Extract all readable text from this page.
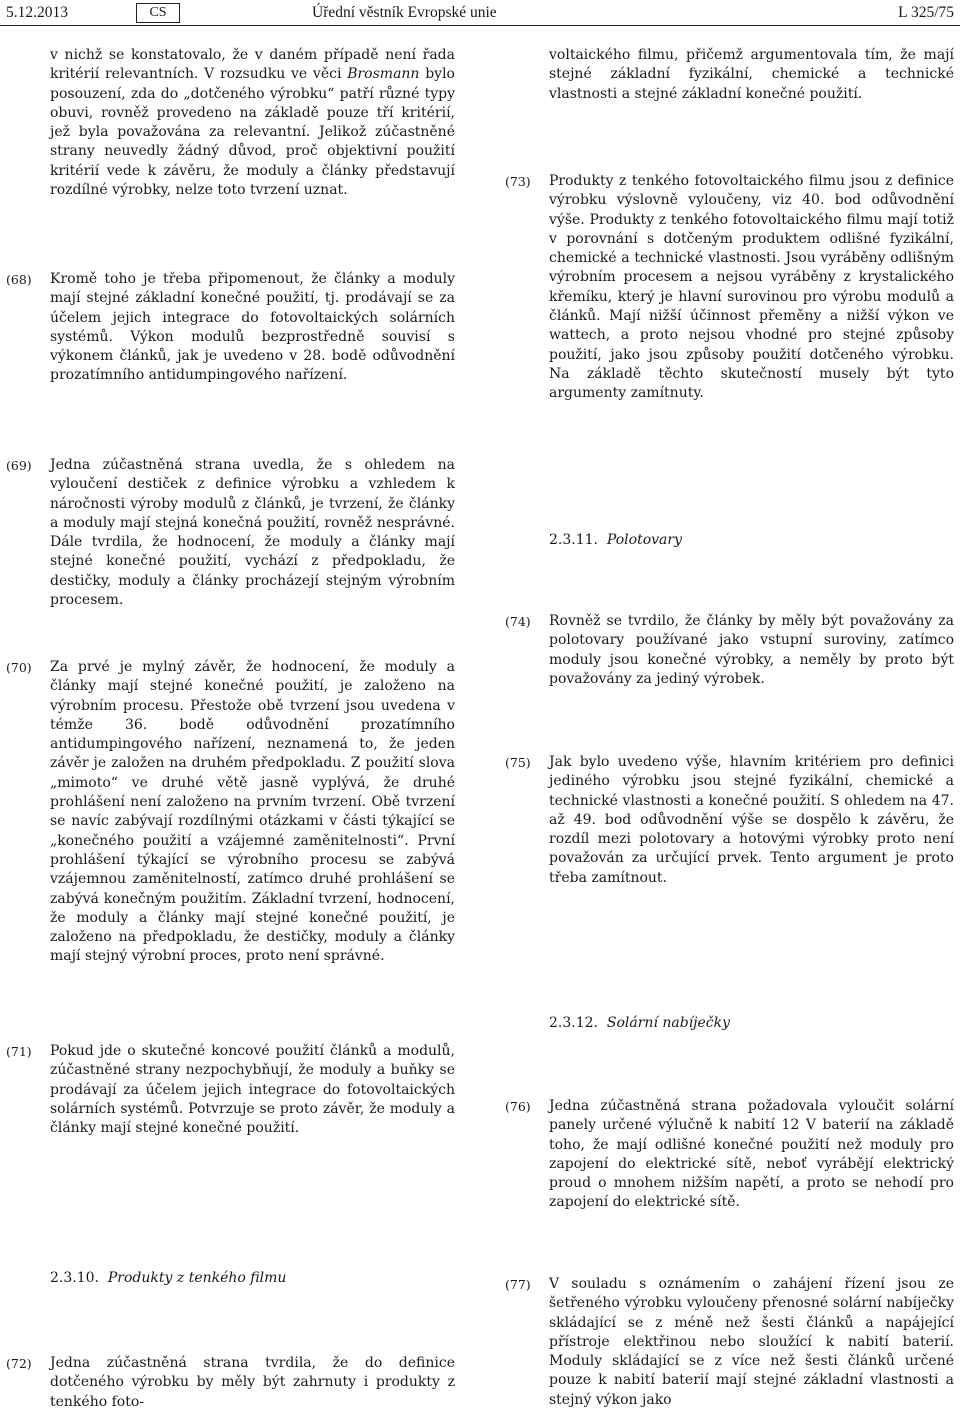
5.12.2013	CS	Úřední věstník Evropské unie	L 325/75
v nichž se konstatovalo, že v daném případě není řada kritérií relevantních. V rozsudku ve věci Brosmann bylo posouzení, zda do „dotčeného výrobku“ patří různé typy obuvi, rovněž provedeno na základě pouze tří kritérií, jež byla považována za relevantní. Jelikož zúčastněné strany neuvedly žádný důvod, proč objektivní použití kritérií vede k závěru, že moduly a články představují rozdílné výrobky, nelze toto tvrzení uznat.
(68) Kromě toho je třeba připomenout, že články a moduly mají stejné základní konečné použití, tj. prodávají se za účelem jejich integrace do fotovoltaických solárních systémů. Výkon modulů bezprostředně souvisí s výkonem článků, jak je uvedeno v 28. bodě odůvodnění prozatímního antidumpingového nařízení.
(69) Jedna zúčastněná strana uvedla, že s ohledem na vyloučení destiček z definice výrobku a vzhledem k náročnosti výroby modulů z článků, je tvrzení, že články a moduly mají stejná konečná použití, rovněž nesprávné. Dále tvrdila, že hodnocení, že moduly a články mají stejné konečné použití, vychází z předpokladu, že destičky, moduly a články procházejí stejným výrobním procesem.
(70) Za prvé je mylný závěr, že hodnocení, že moduly a články mají stejné konečné použití, je založeno na výrobním procesu. Přestože obě tvrzení jsou uvedena v témže 36. bodě odůvodnění prozatímního antidumpingového nařízení, neznamená to, že jeden závěr je založen na druhém předpokladu. Z použití slova „mimoto“ ve druhé větě jasně vyplývá, že druhé prohlášení není založeno na prvním tvrzení. Obě tvrzení se navíc zabývají rozdílnými otázkami v části týkající se „konečného použití a vzájemné zaměnitelnosti“. První prohlášení týkající se výrobního procesu se zabývá vzájemnou zaměnitelností, zatímco druhé prohlášení se zabývá konečným použitím. Základní tvrzení, hodnocení, že moduly a články mají stejné konečné použití, je založeno na předpokladu, že destičky, moduly a články mají stejný výrobní proces, proto není správné.
(71) Pokud jde o skutečné koncové použití článků a modulů, zúčastněné strany nezpochybňují, že moduly a buňky se prodávají za účelem jejich integrace do fotovoltaických solárních systémů. Potvrzuje se proto závěr, že moduly a články mají stejné konečné použití.
2.3.10. Produkty z tenkého filmu
(72) Jedna zúčastněná strana tvrdila, že do definice dotčeného výrobku by měly být zahrnuty i produkty z tenkého foto-
voltaického filmu, přičemž argumentovala tím, že mají stejné základní fyzikální, chemické a technické vlastnosti a stejné základní konečné použití.
(73) Produkty z tenkého fotovoltaického filmu jsou z definice výrobku výslovně vyloučeny, viz 40. bod odůvodnění výše. Produkty z tenkého fotovoltaického filmu mají totiž v porovnání s dotčeným produktem odlišné fyzikální, chemické a technické vlastnosti. Jsou vyráběny odlišným výrobním procesem a nejsou vyráběny z krystalického křemíku, který je hlavní surovinou pro výrobu modulů a článků. Mají nižší účinnost přeměny a nižší výkon ve wattech, a proto nejsou vhodné pro stejné způsoby použití, jako jsou způsoby použití dotčeného výrobku. Na základě těchto skutečností musely být tyto argumenty zamítnuty.
2.3.11. Polotovary
(74) Rovněž se tvrdilo, že články by měly být považovány za polotovary používané jako vstupní suroviny, zatímco moduly jsou konečné výrobky, a neměly by proto být považovány za jediný výrobek.
(75) Jak bylo uvedeno výše, hlavním kritériem pro definici jediného výrobku jsou stejné fyzikální, chemické a technické vlastnosti a konečné použití. S ohledem na 47. až 49. bod odůvodnění výše se dospělo k závěru, že rozdíl mezi polotovary a hotovými výrobky proto není považován za určující prvek. Tento argument je proto třeba zamítnout.
2.3.12. Solární nabíječky
(76) Jedna zúčastněná strana požadovala vyloučit solární panely určené výlučně k nabití 12 V baterií na základě toho, že mají odlišné konečné použití než moduly pro zapojení do elektrické sítě, neboť vyrábějí elektrický proud o mnohem nižším napětí, a proto se nehodí pro zapojení do elektrické sítě.
(77) V souladu s oznámením o zahájení řízení jsou ze šetřeného výrobku vyloučeny přenosné solární nabíječky skládající se z méně než šesti článků a napájející přístroje elektřinou nebo sloužící k nabití baterií. Moduly skládající se z více než šesti článků určené pouze k nabití baterií mají stejné základní vlastnosti a stejný výkon jako
